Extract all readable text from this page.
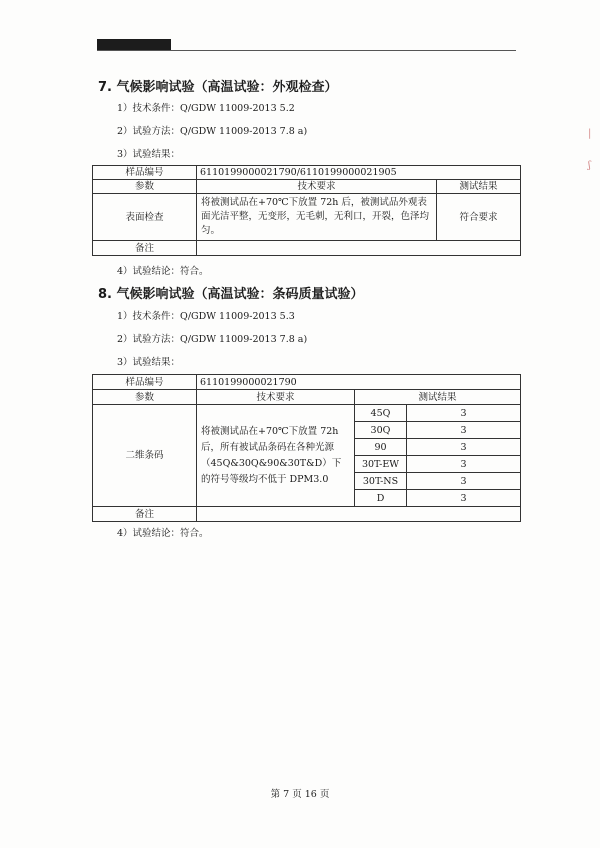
7. 气候影响试验（高温试验：外观检查）
1）技术条件：Q/GDW 11009-2013 5.2
2）试验方法：Q/GDW 11009-2013 7.8 a)
3）试验结果：
样品编号	6110199000021790/6110199000021905	
参数	技术要求	测试结果
表面检查	将被测试品在+70℃下放置 72h 后，被测试品外观表面光洁平整，无变形，无毛刺，无利口，开裂，色泽均匀。	符合要求
备注		
4）试验结论：符合。
8. 气候影响试验（高温试验：条码质量试验）
1）技术条件：Q/GDW 11009-2013 5.3
2）试验方法：Q/GDW 11009-2013 7.8 a)
3）试验结果：
样品编号	6110199000021790		
参数	技术要求	测试结果	
二维条码	将被测试品在+70℃下放置 72h 后，所有被试品条码在各种光源（45Q&30Q&90&30T&D）下的符号等级均不低于 DPM3.0	45Q	3
		30Q	3
		90	3
		30T-EW	3
		30T-NS	3
		D	3
备注			
4）试验结论：符合。
第 7 页 16 页
|
ʃ
